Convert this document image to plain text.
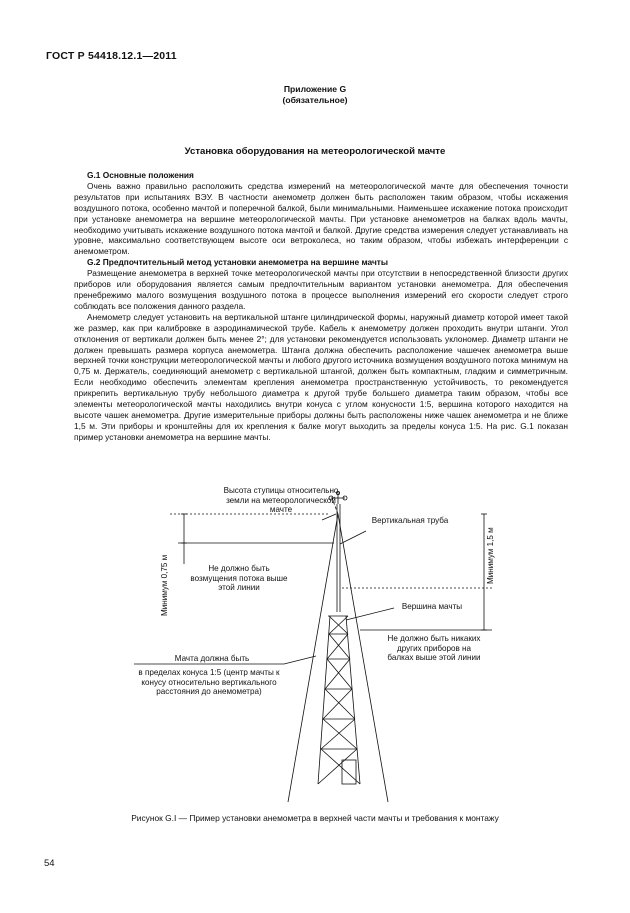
ГОСТ Р 54418.12.1—2011
Приложение G
(обязательное)
Установка оборудования на метеорологической мачте

G.1 Основные положения

Очень важно правильно расположить средства измерений на метеорологической мачте для обеспечения точности результатов при испытаниях ВЭУ. В частности анемометр должен быть расположен таким образом, чтобы искажения воздушного потока, особенно мачтой и поперечной балкой, были минимальными. Наименьшее искажение потока происходит при установке анемометра на вершине метеорологической мачты. При установке анемометров на балках вдоль мачты, необходимо учитывать искажение воздушного потока мачтой и балкой. Другие средства измерения следует устанавливать на уровне, максимально соответствующем высоте оси ветроколеса, но таким образом, чтобы избежать интерференции с анемометром.

G.2 Предпочтительный метод установки анемометра на вершине мачты

Размещение анемометра в верхней точке метеорологической мачты при отсутствии в непосредственной близости других приборов или оборудования является самым предпочтительным вариантом установки анемометра. Для обеспечения пренебрежимо малого возмущения воздушного потока в процессе выполнения измерений его скорости следует строго соблюдать все положения данного раздела.

Анемометр следует установить на вертикальной штанге цилиндрической формы, наружный диаметр которой имеет такой же размер, как при калибровке в аэродинамической трубе. Кабель к анемометру должен проходить внутри штанги. Угол отклонения от вертикали должен быть менее 2°; для установки рекомендуется использовать уклономер. Диаметр штанги не должен превышать размера корпуса анемометра. Штанга должна обеспечить расположение чашечек анемометра выше верхней точки конструкции метеорологической мачты и любого другого источника возмущения воздушного потока минимум на 0,75 м. Держатель, соединяющий анемометр с вертикальной штангой, должен быть компактным, гладким и симметричным. Если необходимо обеспечить элементам крепления анемометра пространственную устойчивость, то рекомендуется прикрепить вертикальную трубу небольшого диаметра к другой трубе большего диаметра таким образом, чтобы все элементы метеорологической мачты находились внутри конуса с углом конусности 1:5, вершина которого находится на высоте чашек анемометра. Другие измерительные приборы должны быть расположены ниже чашек анемометра и не ближе 1,5 м. Эти приборы и кронштейны для их крепления к балке могут выходить за пределы конуса 1:5. На рис. G.1 показан пример установки анемометра на вершине мачты.

Высота ступицы относительно земли на метеорологической мачте
Вертикальная труба
Минимум 0,75 м	Минимум 1,5 м
Не должно быть возмущения потока выше этой линии
Вершина мачты
Не должно быть никаких других приборов на балках выше этой линии
Мачта должна быть
в пределах конуса 1:5 (центр мачты к конусу относительно вертикального расстояния до анемометра)
Рисунок G.I — Пример установки анемометра в верхней части мачты и требования к монтажу
54
